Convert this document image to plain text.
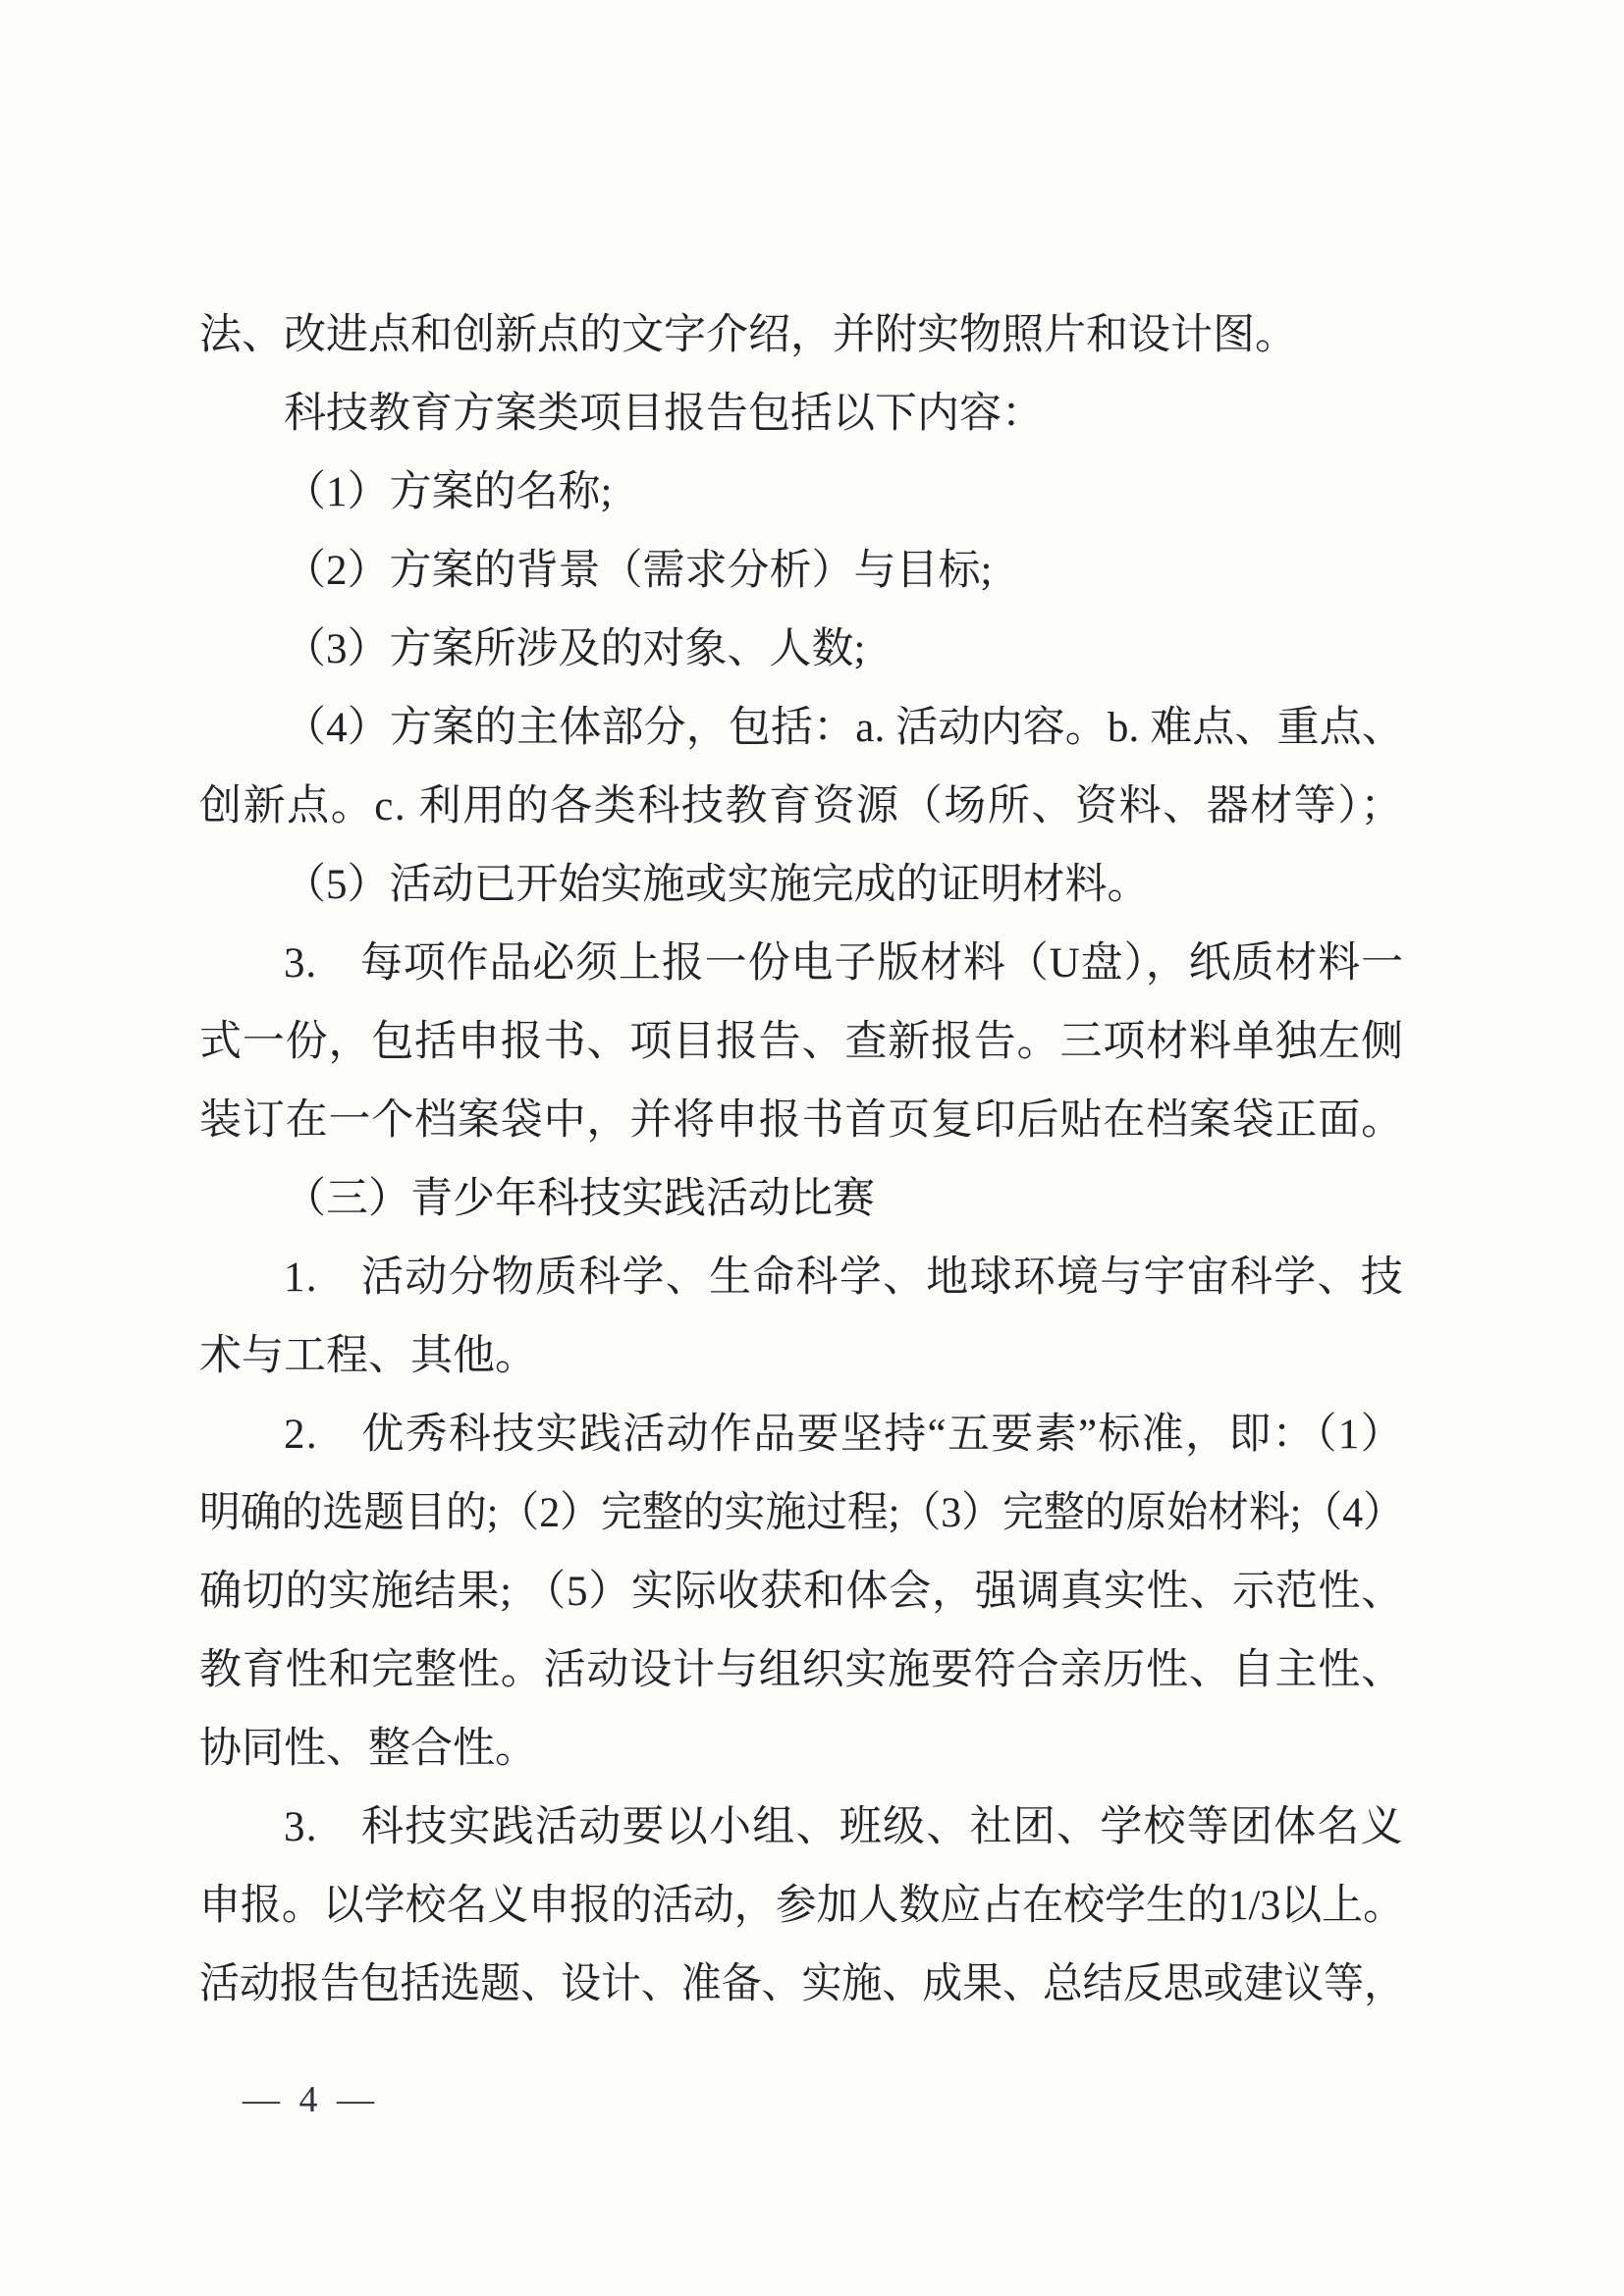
法、改进点和创新点的文字介绍，并附实物照片和设计图。
科技教育方案类项目报告包括以下内容：
（1）方案的名称;
（2）方案的背景（需求分析）与目标;
（3）方案所涉及的对象、人数;
（4）方案的主体部分，包括：a. 活动内容。b. 难点、重点、
创新点。c. 利用的各类科技教育资源（场所、资料、器材等）；
（5）活动已开始实施或实施完成的证明材料。
3.　每项作品必须上报一份电子版材料（U盘），纸质材料一
式一份，包括申报书、项目报告、查新报告。三项材料单独左侧
装订在一个档案袋中，并将申报书首页复印后贴在档案袋正面。
（三）青少年科技实践活动比赛
1.　活动分物质科学、生命科学、地球环境与宇宙科学、技
术与工程、其他。
2.　优秀科技实践活动作品要坚持“五要素”标准，即：（1）
明确的选题目的;（2）完整的实施过程;（3）完整的原始材料;（4）
确切的实施结果; （5）实际收获和体会，强调真实性、示范性、
教育性和完整性。活动设计与组织实施要符合亲历性、自主性、
协同性、整合性。
3.　科技实践活动要以小组、班级、社团、学校等团体名义
申报。以学校名义申报的活动，参加人数应占在校学生的1/3以上。
活动报告包括选题、设计、准备、实施、成果、总结反思或建议等，
— 4 —
